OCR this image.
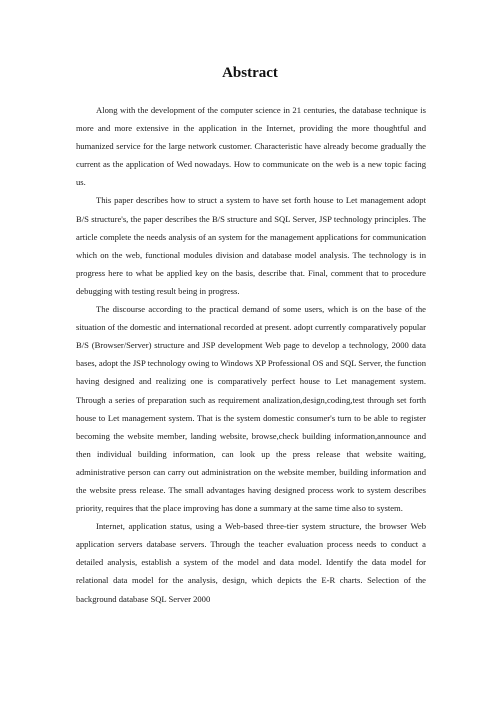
Abstract

Along with the development of the computer science in 21 centuries, the database technique is more and more extensive in the application in the Internet, providing the more thoughtful and humanized service for the large network customer. Characteristic have already become gradually the current as the application of Wed nowadays. How to communicate on the web is a new topic facing us.

This paper describes how to struct a system to have set forth house to Let management adopt B/S structure's, the paper describes the B/S structure and SQL Server, JSP technology principles. The article complete the needs analysis of an system for the management applications for communication which on the web, functional modules division and database model analysis. The technology is in progress here to what be applied key on the basis, describe that. Final, comment that to procedure debugging with testing result being in progress.

The discourse according to the practical demand of some users, which is on the base of the situation of the domestic and international recorded at present. adopt currently comparatively popular B/S (Browser/Server) structure and JSP development Web page to develop a technology, 2000 data bases, adopt the JSP technology owing to Windows XP Professional OS and SQL Server, the function having designed and realizing one is comparatively perfect house to Let management system. Through a series of preparation such as requirement analization,design,coding,test through set forth house to Let management system. That is the system domestic consumer's turn to be able to register becoming the website member, landing website, browse,check building information,announce and then individual building information, can look up the press release that website waiting, administrative person can carry out administration on the website member, building information and the website press release. The small advantages having designed process work to system describes priority, requires that the place improving has done a summary at the same time also to system.

Internet, application status, using a Web-based three-tier system structure, the browser Web application servers database servers. Through the teacher evaluation process needs to conduct a detailed analysis, establish a system of the model and data model. Identify the data model for relational data model for the analysis, design, which depicts the E-R charts. Selection of the background database SQL Server 2000
